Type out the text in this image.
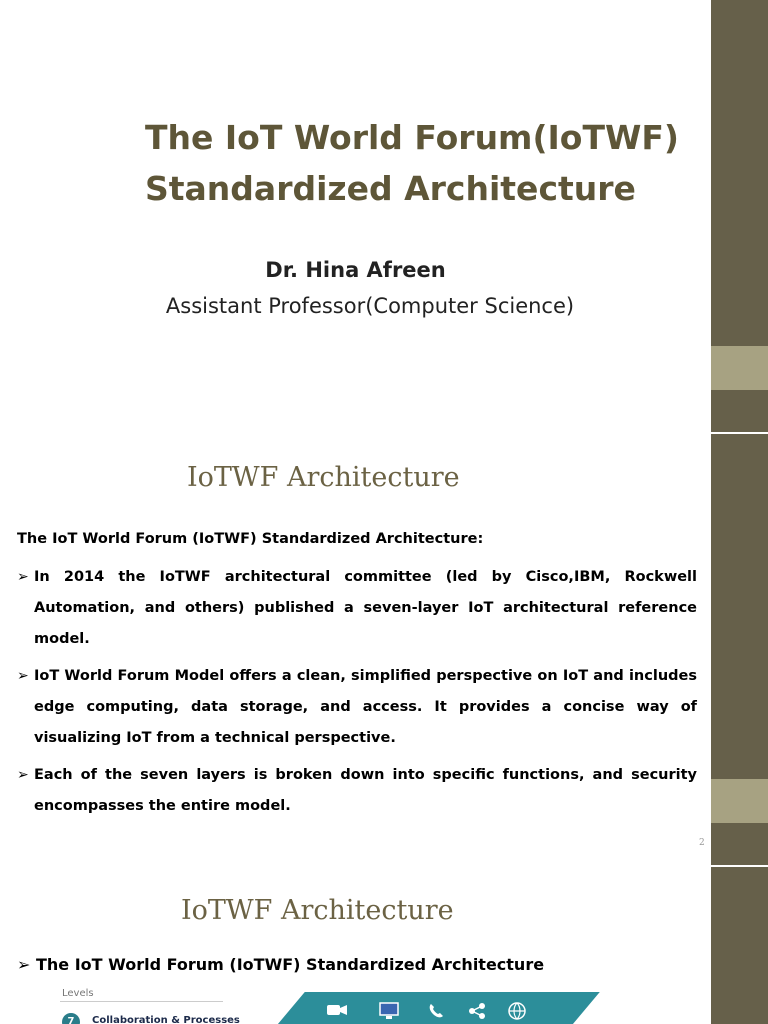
The IoT World Forum(IoTWF)
Standardized Architecture
Dr. Hina Afreen
Assistant Professor(Computer Science)
IoTWF Architecture
The IoT World Forum (IoTWF) Standardized Architecture:
➢ In 2014 the IoTWF architectural committee (led by Cisco,IBM, Rockwell Automation, and others) published a seven-layer IoT architectural reference model.
➢ IoT World Forum Model offers a clean, simplified perspective on IoT and includes edge computing, data storage, and access. It provides a concise way of visualizing IoT from a technical perspective.
➢ Each of the seven layers is broken down into specific functions, and security encompasses the entire model.
2
IoTWF Architecture
➢ The IoT World Forum (IoTWF) Standardized Architecture
Levels
7	Collaboration & Processes
